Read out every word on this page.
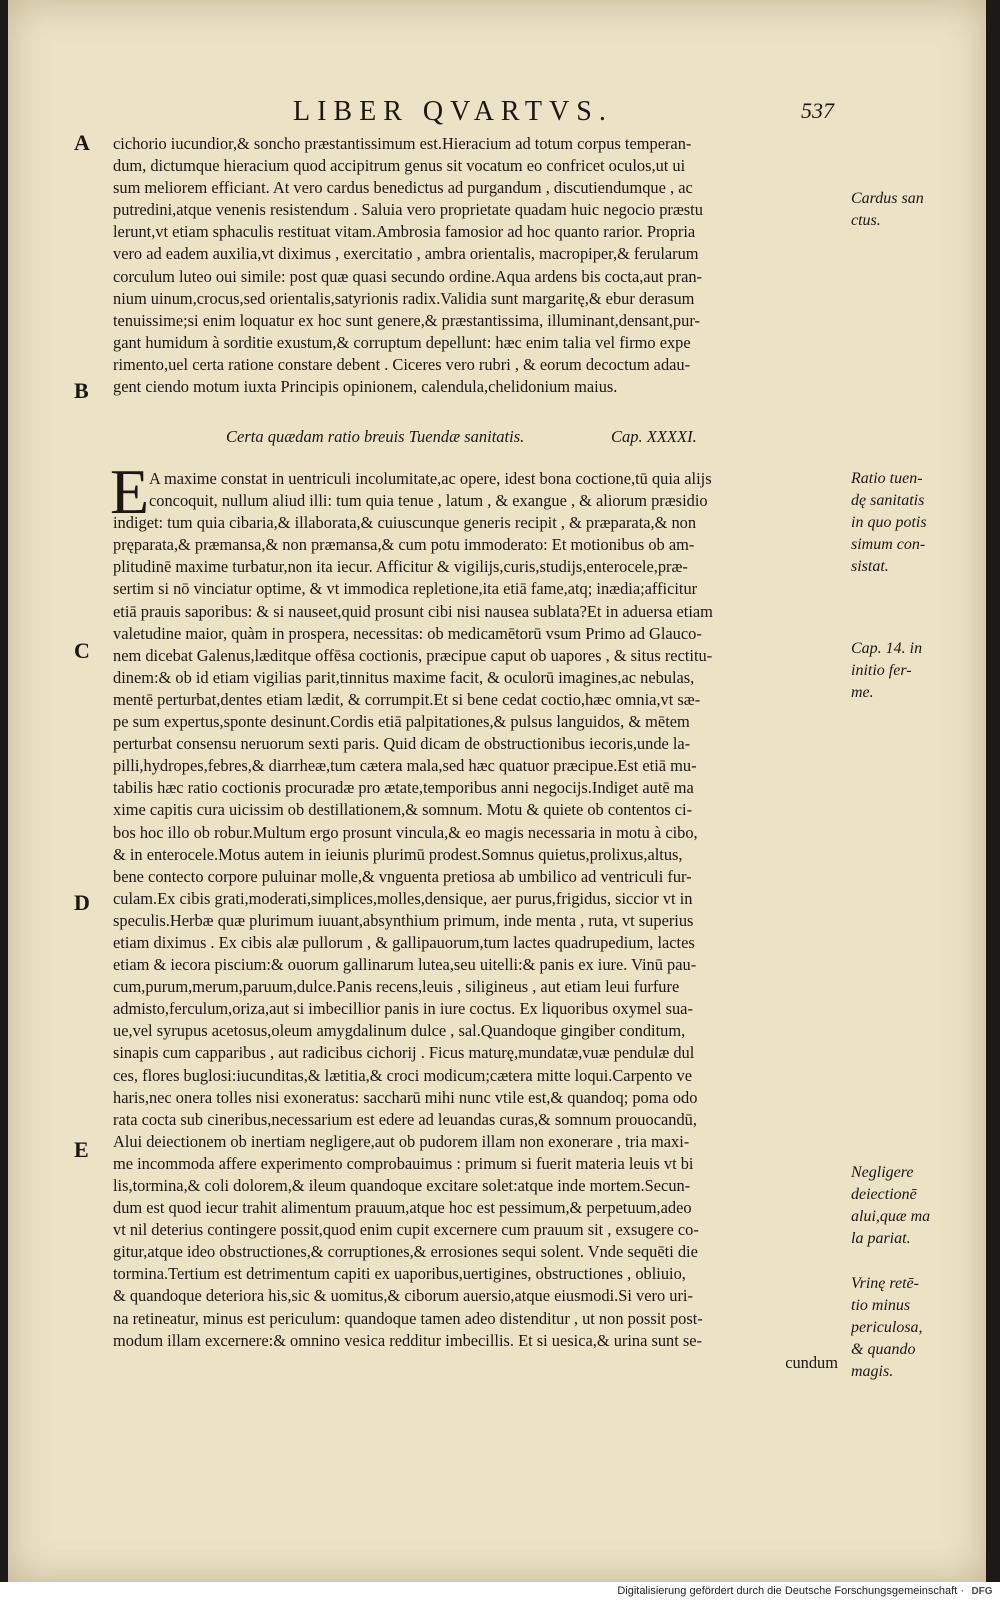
LIBER QVARTVS.	537
A
B
C
D
E
cichorio iucundior,& soncho præstantissimum est.Hieracium ad totum corpus temperan-
dum, dictumque hieracium quod accipitrum genus sit vocatum eo confricet oculos,ut ui
sum meliorem efficiant. At vero cardus benedictus ad purgandum , discutiendumque , ac
putredini,atque venenis resistendum . Saluia vero proprietate quadam huic negocio præstu
lerunt,vt etiam sphaculis restituat vitam.Ambrosia famosior ad hoc quanto rarior. Propria
vero ad eadem auxilia,vt diximus , exercitatio , ambra orientalis, macropiper,& ferularum
corculum luteo oui simile: post quæ quasi secundo ordine.Aqua ardens bis cocta,aut pran-
nium uinum,crocus,sed orientalis,satyrionis radix.Validia sunt margaritę,& ebur derasum
tenuissime;si enim loquatur ex hoc sunt genere,& præstantissima, illuminant,densant,pur-
gant humidum à sorditie exustum,& corruptum depellunt: hæc enim talia vel firmo expe
rimento,uel certa ratione constare debent . Ciceres vero rubri , & eorum decoctum adau-
gent ciendo motum iuxta Principis opinionem, calendula,chelidonium maius.
Certa quædam ratio breuis Tuendæ sanitatis.	Cap. XXXXI.
E A maxime constat in uentriculi incolumitate,ac opere, idest bona coctione,tū quia alijs
concoquit, nullum aliud illi: tum quia tenue , latum , & exangue , & aliorum præsidio
indiget: tum quia cibaria,& illaborata,& cuiuscunque generis recipit , & præparata,& non
pręparata,& præmansa,& non præmansa,& cum potu immoderato: Et motionibus ob am-
plitudinē maxime turbatur,non ita iecur. Afficitur & vigilijs,curis,studijs,enterocele,præ-
sertim si nō vinciatur optime, & vt immodica repletione,ita etiā fame,atq; inædia;afficitur
etiā prauis saporibus: & si nauseet,quid prosunt cibi nisi nausea sublata?Et in aduersa etiam
valetudine maior, quàm in prospera, necessitas: ob medicamētorū vsum Primo ad Glauco-
nem dicebat Galenus,læditque offēsa coctionis, præcipue caput ob uapores , & situs rectitu-
dinem:& ob id etiam vigilias parit,tinnitus maxime facit, & oculorū imagines,ac nebulas,
mentē perturbat,dentes etiam lædit, & corrumpit.Et si bene cedat coctio,hæc omnia,vt sæ-
pe sum expertus,sponte desinunt.Cordis etiā palpitationes,& pulsus languidos, & mētem
perturbat consensu neruorum sexti paris. Quid dicam de obstructionibus iecoris,unde la-
pilli,hydropes,febres,& diarrheæ,tum cætera mala,sed hæc quatuor præcipue.Est etiā mu-
tabilis hæc ratio coctionis procuradæ pro ætate,temporibus anni negocijs.Indiget autē ma
xime capitis cura uicissim ob destillationem,& somnum. Motu & quiete ob contentos ci-
bos hoc illo ob robur.Multum ergo prosunt vincula,& eo magis necessaria in motu à cibo,
& in enterocele.Motus autem in ieiunis plurimū prodest.Somnus quietus,prolixus,altus,
bene contecto corpore puluinar molle,& vnguenta pretiosa ab umbilico ad ventriculi fur-
culam.Ex cibis grati,moderati,simplices,molles,densique, aer purus,frigidus, siccior vt in
speculis.Herbæ quæ plurimum iuuant,absynthium primum, inde menta , ruta, vt superius
etiam diximus . Ex cibis alæ pullorum , & gallipauorum,tum lactes quadrupedium, lactes
etiam & iecora piscium:& ouorum gallinarum lutea,seu uitelli:& panis ex iure. Vinū pau-
cum,purum,merum,paruum,dulce.Panis recens,leuis , siligineus , aut etiam leui furfure
admisto,ferculum,oriza,aut si imbecillior panis in iure coctus. Ex liquoribus oxymel sua-
ue,vel syrupus acetosus,oleum amygdalinum dulce , sal.Quandoque gingiber conditum,
sinapis cum capparibus , aut radicibus cichorij . Ficus maturę,mundatæ,vuæ pendulæ dul
ces, flores buglosi:iucunditas,& lætitia,& croci modicum;cætera mitte loqui.Carpento ve
haris,nec onera tolles nisi exoneratus: saccharū mihi nunc vtile est,& quandoq; poma odo
rata cocta sub cineribus,necessarium est edere ad leuandas curas,& somnum prouocandū,
Alui deiectionem ob inertiam negligere,aut ob pudorem illam non exonerare , tria maxi-
me incommoda affere experimento comprobauimus : primum si fuerit materia leuis vt bi
lis,tormina,& coli dolorem,& ileum quandoque excitare solet:atque inde mortem.Secun-
dum est quod iecur trahit alimentum prauum,atque hoc est pessimum,& perpetuum,adeo
vt nil deterius contingere possit,quod enim cupit excernere cum prauum sit , exsugere co-
gitur,atque ideo obstructiones,& corruptiones,& errosiones sequi solent. Vnde sequēti die
tormina.Tertium est detrimentum capiti ex uaporibus,uertigines, obstructiones , obliuio,
& quandoque deteriora his,sic & uomitus,& ciborum auersio,atque eiusmodi.Si vero uri-
na retineatur, minus est periculum: quandoque tamen adeo distenditur , ut non possit post-
modum illam excernere:& omnino vesica redditur imbecillis. Et si uesica,& urina sunt se-
cundum
Cardus san
ctus.
Ratio tuen-
dę sanitatis
in quo potis
simum con-
sistat.
Cap. 14. in
initio fer-
me.
Negligere
deiectionē
alui,quæ ma
la pariat.
Vrinę retē-
tio minus
periculosa,
& quando
magis.
Digitalisierung gefördert durch die Deutsche Forschungsgemeinschaft · DFG
